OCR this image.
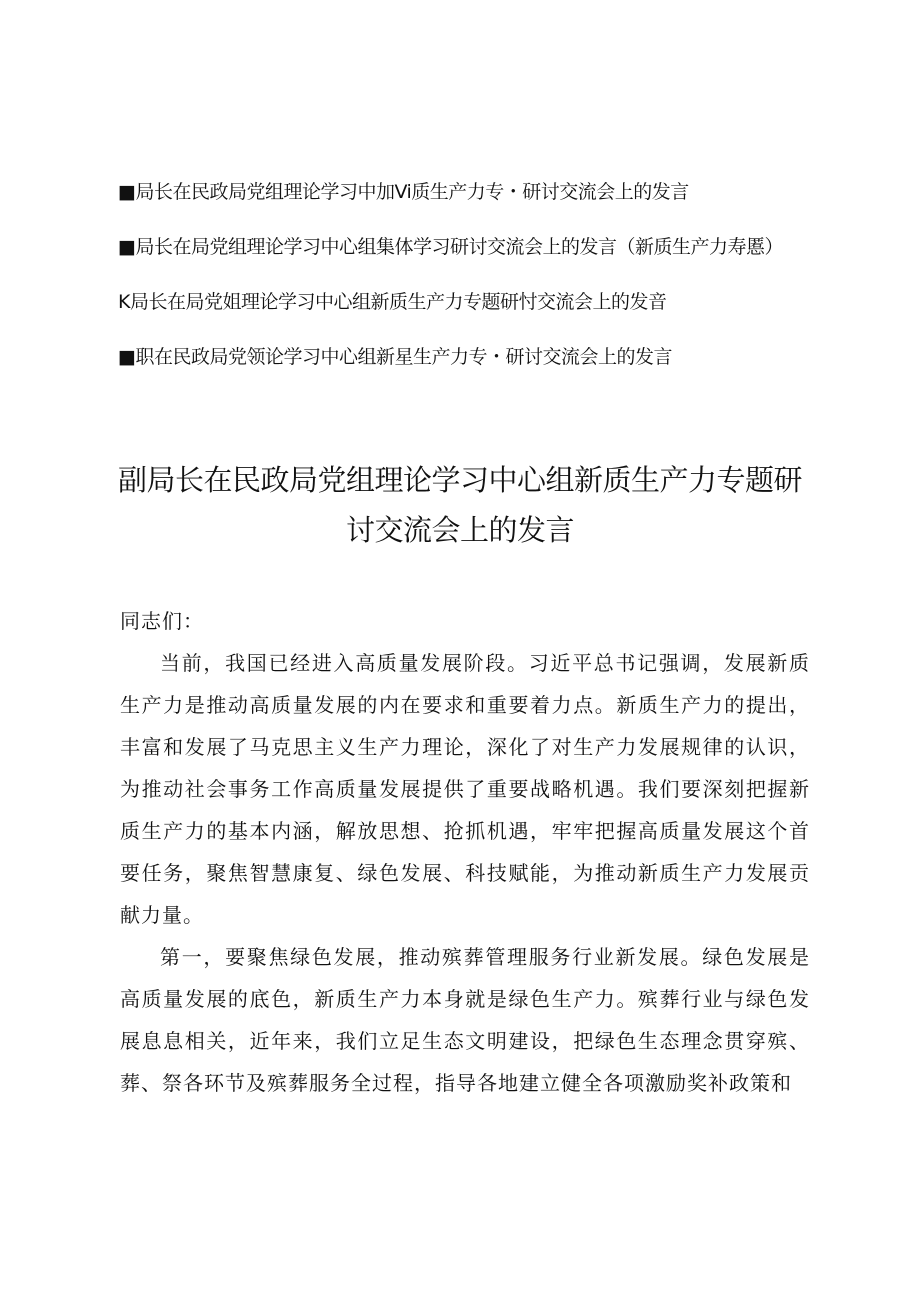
■局长在民政局党组理论学习中加Vi质生产力专・研讨交流会上的发言
■局长在局党组理论学习中心组集体学习研讨交流会上的发言（新质生产力寿慝）
K局长在局党姐理论学习中心组新质生产力专题研忖交流会上的发音
■职在民政局党领论学习中心组新星生产力专・研讨交流会上的发言
副局长在民政局党组理论学习中心组新质生产力专题研
讨交流会上的发言

同志们：

当前，我国已经进入高质量发展阶段。习近平总书记强调，发展新质生产力是推动高质量发展的内在要求和重要着力点。新质生产力的提出，丰富和发展了马克思主义生产力理论，深化了对生产力发展规律的认识，为推动社会事务工作高质量发展提供了重要战略机遇。我们要深刻把握新质生产力的基本内涵，解放思想、抢抓机遇，牢牢把握高质量发展这个首要任务，聚焦智慧康复、绿色发展、科技赋能，为推动新质生产力发展贡献力量。

第一，要聚焦绿色发展，推动殡葬管理服务行业新发展。绿色发展是高质量发展的底色，新质生产力本身就是绿色生产力。殡葬行业与绿色发展息息相关，近年来，我们立足生态文明建设，把绿色生态理念贯穿殡、葬、祭各环节及殡葬服务全过程，指导各地建立健全各项激励奖补政策和
